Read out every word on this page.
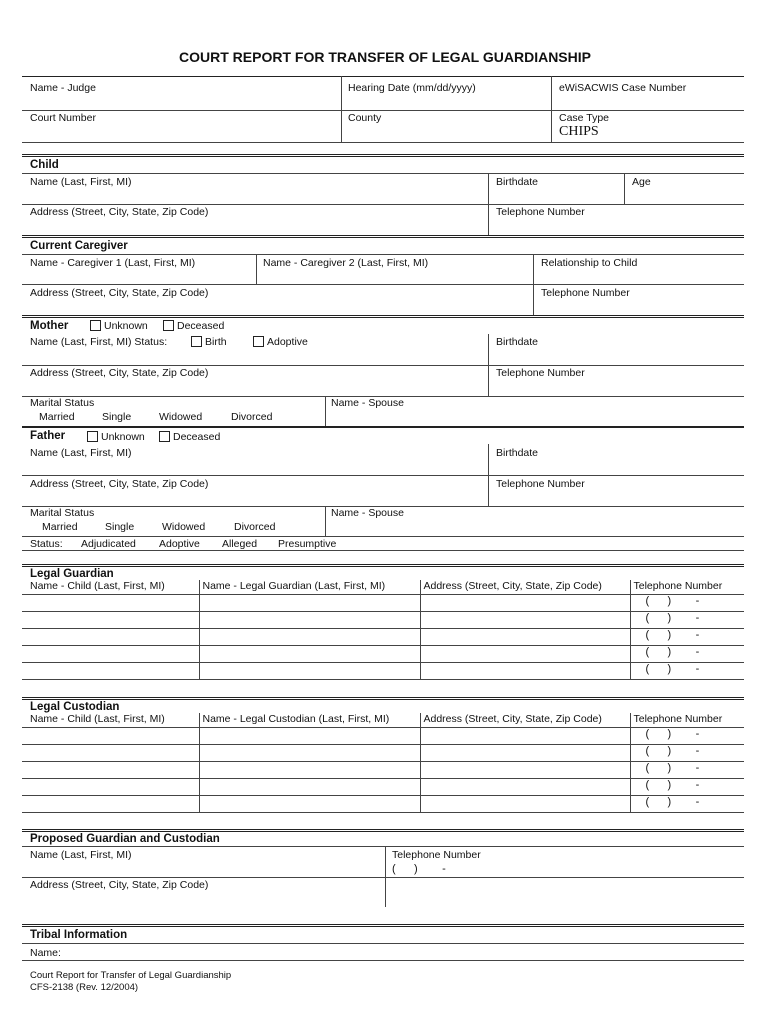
COURT REPORT FOR TRANSFER OF LEGAL GUARDIANSHIP
Name - Judge	Hearing Date (mm/dd/yyyy)	eWiSACWIS Case Number
Court Number	County	Case Type
CHIPS
Child
Name (Last, First, MI)	Birthdate	Age
Address (Street, City, State, Zip Code)	Telephone Number
Current Caregiver
Name - Caregiver 1 (Last, First, MI)	Name - Caregiver 2 (Last, First, MI)	Relationship to Child
Address (Street, City, State, Zip Code)	Telephone Number
Mother	Unknown	Deceased
Name (Last, First, MI) Status:	Birth	Adoptive	Birthdate
Address (Street, City, State, Zip Code)	Telephone Number
Marital Status
Married	Single	Widowed	Divorced
Name - Spouse
Father	Unknown	Deceased
Name (Last, First, MI)	Birthdate
Address (Street, City, State, Zip Code)	Telephone Number
Marital Status
Married	Single	Widowed	Divorced
Name - Spouse
Status: Adjudicated Adoptive Alleged Presumptive
Legal Guardian
Name - Child (Last, First, MI)	Name - Legal Guardian (Last, First, MI)	Address (Street, City, State, Zip Code)	Telephone Number
			(      )        -
			(      )        -
			(      )        -
			(      )        -
			(      )        -
Legal Custodian
Name - Child (Last, First, MI)	Name - Legal Custodian (Last, First, MI)	Address (Street, City, State, Zip Code)	Telephone Number
			(      )        -
			(      )        -
			(      )        -
			(      )        -
			(      )        -
Proposed Guardian and Custodian
Name (Last, First, MI)	Telephone Number
(      )        -
Address (Street, City, State, Zip Code)
Tribal Information
Name:
Court Report for Transfer of Legal Guardianship
CFS-2138 (Rev. 12/2004)
